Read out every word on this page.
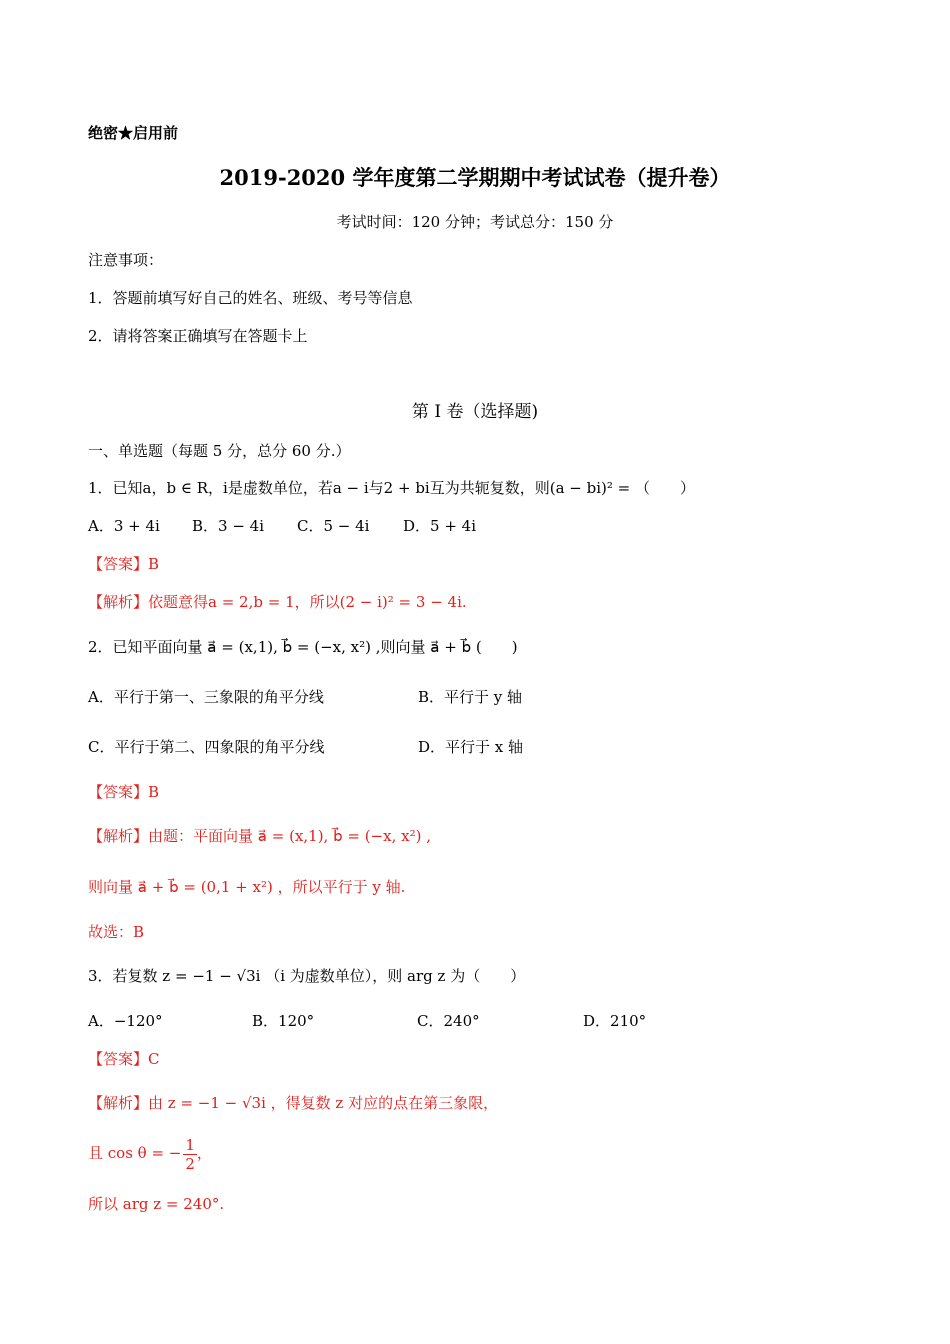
绝密★启用前
2019-2020 学年度第二学期期中考试试卷（提升卷）
考试时间：120 分钟；考试总分：150 分
注意事项：
1．答题前填写好自己的姓名、班级、考号等信息
2．请将答案正确填写在答题卡上
第 I 卷（选择题)
一、单选题（每题 5 分，总分 60 分.）
1．已知a，b ∈ R，i是虚数单位，若a − i与2 + bi互为共轭复数，则(a − bi)² = （　　）
A．3 + 4i B．3 − 4i C．5 − 4i D．5 + 4i
【答案】B
【解析】依题意得a = 2,b = 1，所以(2 − i)² = 3 − 4i.
2．已知平面向量 a⃗ = (x,1), b⃗ = (−x, x²) ,则向量 a⃗ + b⃗ (　　)
A．平行于第一、三象限的角平分线	B．平行于 y 轴
C．平行于第二、四象限的角平分线	D．平行于 x 轴
【答案】B
【解析】由题：平面向量 a⃗ = (x,1), b⃗ = (−x, x²) ,
则向量 a⃗ + b⃗ = (0,1 + x²) ，所以平行于 y 轴.
故选：B
3．若复数 z = −1 − √3i （i 为虚数单位），则 arg z 为（　　）
A．−120°	B．120°	C．240°	D．210°
【答案】C
【解析】由 z = −1 − √3i ，得复数 z 对应的点在第三象限，
且 cos θ = − $\frac{1}{2}$ ，
所以 arg z = 240°.
